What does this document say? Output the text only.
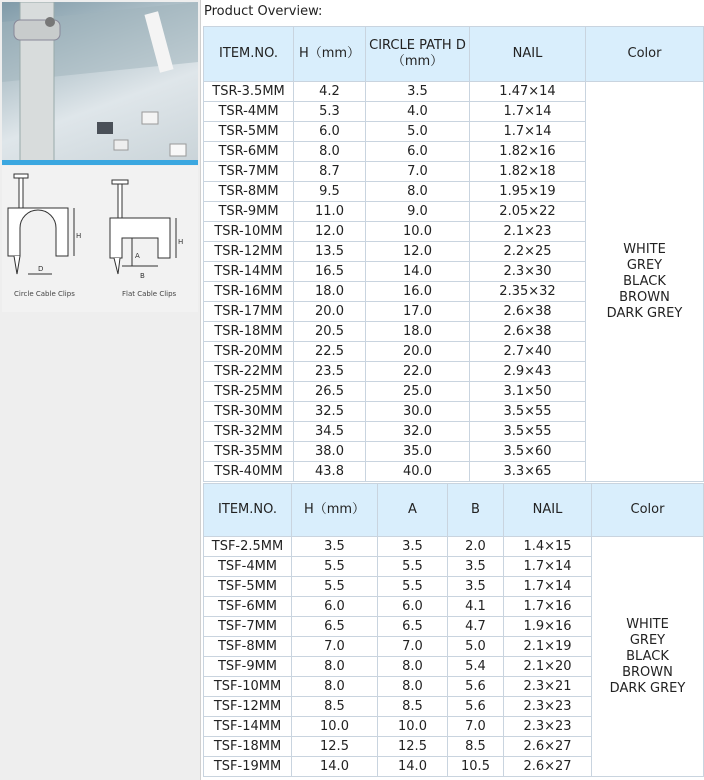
H
D
H
A
B
Circle Cable Clips	Flat Cable Clips
Product Overview:
ITEM.NO.	H（mm）	CIRCLE PATH D（mm）	NAIL	Color
TSR-3.5MM	4.2	3.5	1.47×14	WHITE
GREY
BLACK
BROWN
DARK GREY

TSR-4MM	5.3	4.0	1.7×14	
TSR-5MM	6.0	5.0	1.7×14	
TSR-6MM	8.0	6.0	1.82×16	
TSR-7MM	8.7	7.0	1.82×18	
TSR-8MM	9.5	8.0	1.95×19	
TSR-9MM	11.0	9.0	2.05×22	
TSR-10MM	12.0	10.0	2.1×23	
TSR-12MM	13.5	12.0	2.2×25	
TSR-14MM	16.5	14.0	2.3×30	
TSR-16MM	18.0	16.0	2.35×32	
TSR-17MM	20.0	17.0	2.6×38	
TSR-18MM	20.5	18.0	2.6×38	
TSR-20MM	22.5	20.0	2.7×40	
TSR-22MM	23.5	22.0	2.9×43	
TSR-25MM	26.5	25.0	3.1×50	
TSR-30MM	32.5	30.0	3.5×55	
TSR-32MM	34.5	32.0	3.5×55	
TSR-35MM	38.0	35.0	3.5×60	
TSR-40MM	43.8	40.0	3.3×65	
ITEM.NO.	H（mm）	A	B	NAIL	Color
TSF-2.5MM	3.5	3.5	2.0	1.4×15	WHITE
GREY
BLACK
BROWN
DARK GREY

TSF-4MM	5.5	5.5	3.5	1.7×14	
TSF-5MM	5.5	5.5	3.5	1.7×14	
TSF-6MM	6.0	6.0	4.1	1.7×16	
TSF-7MM	6.5	6.5	4.7	1.9×16	
TSF-8MM	7.0	7.0	5.0	2.1×19	
TSF-9MM	8.0	8.0	5.4	2.1×20	
TSF-10MM	8.0	8.0	5.6	2.3×21	
TSF-12MM	8.5	8.5	5.6	2.3×23	
TSF-14MM	10.0	10.0	7.0	2.3×23	
TSF-18MM	12.5	12.5	8.5	2.6×27	
TSF-19MM	14.0	14.0	10.5	2.6×27	
